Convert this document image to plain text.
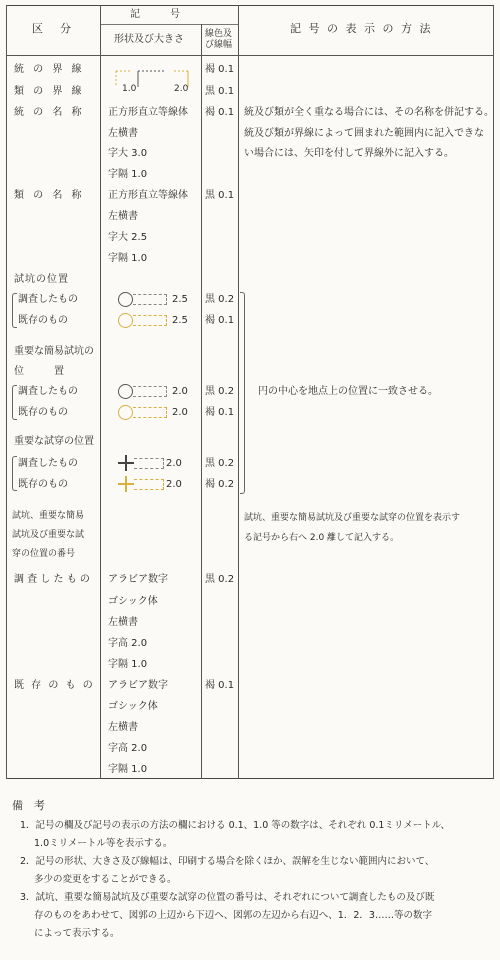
区　分
記　　　号
形状及び大きさ 線色及
び線幅
記 号 の 表 示 の 方 法
統 の 界 線
類 の 界 線	1.0	2.0
褐 0.1
黒 0.1
統 の 名 称 正方形直立等線体
左横書
字大 3.0
字隔 1.0
褐 0.1 統及び類が全く重なる場合には、その名称を併記する。
統及び類が界線によって囲まれた範囲内に記入できな
い場合には、矢印を付して界線外に記入する。
類 の 名 称 正方形直立等線体
左横書
字大 2.5
字隔 1.0
黒 0.1
試坑の位置
調査したもの
既存のもの
2.5
2.5
黒 0.2
褐 0.1
重要な簡易試坑の
位　　　置
調査したもの
既存のもの
2.0
2.0
黒 0.2
褐 0.1
円の中心を地点上の位置に一致させる。
重要な試穿の位置
調査したもの
既存のもの
2.0
2.0
黒 0.2
褐 0.2
試坑、重要な簡易
試坑及び重要な試
穿の位置の番号
試坑、重要な簡易試坑及び重要な試穿の位置を表示す
る記号から右へ 2.0 離して記入する。
調 査 し た も の アラビア数字
ゴシック体
左横書
字高 2.0
字隔 1.0
黒 0.2
既 存 の も の アラビア数字
ゴシック体
左横書
字高 2.0
字隔 1.0
褐 0.1
備　考
1．記号の欄及び記号の表示の方法の欄における 0.1、1.0 等の数字は、それぞれ 0.1ミリメートル、
1.0ミリメートル等を表示する。
2．記号の形状、大きさ及び線幅は、印刷する場合を除くほか、誤解を生じない範囲内において、
多少の変更をすることができる。
3．試坑、重要な簡易試坑及び重要な試穿の位置の番号は、それぞれについて調査したもの及び既
存のものをあわせて、図郭の上辺から下辺へ、図郭の左辺から右辺へ、1．2．3……等の数字
によって表示する。
